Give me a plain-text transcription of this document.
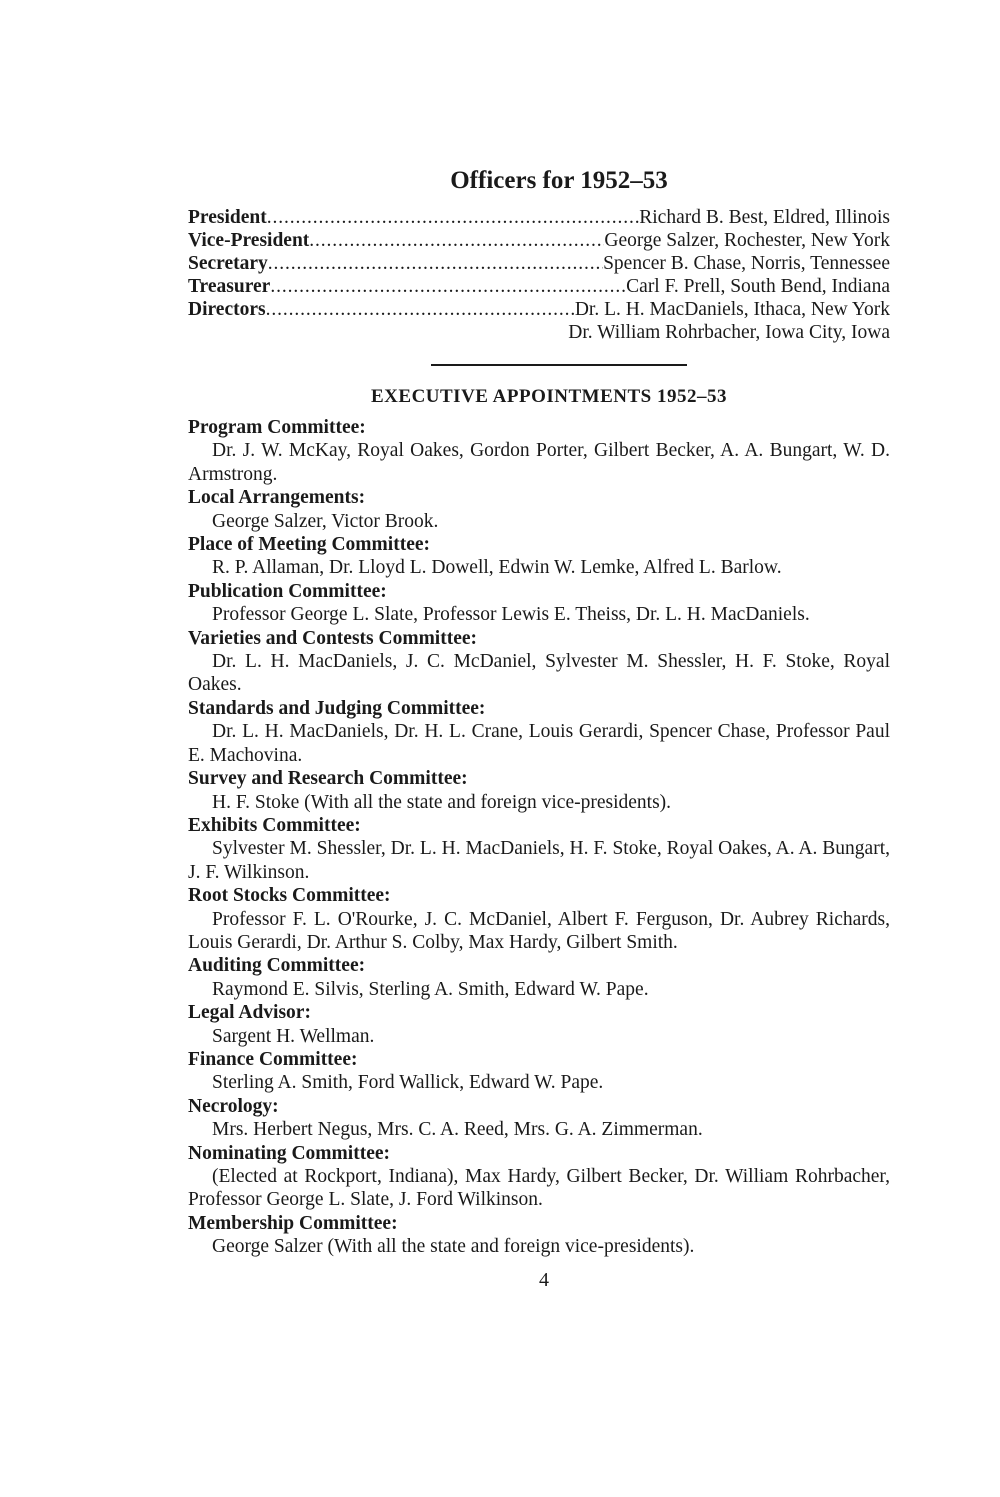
Officers for 1952–53
President . . .	Richard B. Best, Eldred, Illinois
Vice-President . . .	George Salzer, Rochester, New York
Secretary . . .	Spencer B. Chase, Norris, Tennessee
Treasurer . . .	Carl F. Prell, South Bend, Indiana
Directors . . .	Dr. L. H. MacDaniels, Ithaca, New York
Dr. William Rohrbacher, Iowa City, Iowa
EXECUTIVE APPOINTMENTS 1952–53

Program Committee:

Dr. J. W. McKay, Royal Oakes, Gordon Porter, Gilbert Becker, A. A. Bungart, W. D. Armstrong.

Local Arrangements:

George Salzer, Victor Brook.

Place of Meeting Committee:

R. P. Allaman, Dr. Lloyd L. Dowell, Edwin W. Lemke, Alfred L. Barlow.

Publication Committee:

Professor George L. Slate, Professor Lewis E. Theiss, Dr. L. H. MacDaniels.

Varieties and Contests Committee:

Dr. L. H. MacDaniels, J. C. McDaniel, Sylvester M. Shessler, H. F. Stoke, Royal Oakes.

Standards and Judging Committee:

Dr. L. H. MacDaniels, Dr. H. L. Crane, Louis Gerardi, Spencer Chase, Professor Paul E. Machovina.

Survey and Research Committee:

H. F. Stoke (With all the state and foreign vice-presidents).

Exhibits Committee:

Sylvester M. Shessler, Dr. L. H. MacDaniels, H. F. Stoke, Royal Oakes, A. A. Bungart, J. F. Wilkinson.

Root Stocks Committee:

Professor F. L. O'Rourke, J. C. McDaniel, Albert F. Ferguson, Dr. Aubrey Richards, Louis Gerardi, Dr. Arthur S. Colby, Max Hardy, Gilbert Smith.

Auditing Committee:

Raymond E. Silvis, Sterling A. Smith, Edward W. Pape.

Legal Advisor:

Sargent H. Wellman.

Finance Committee:

Sterling A. Smith, Ford Wallick, Edward W. Pape.

Necrology:

Mrs. Herbert Negus, Mrs. C. A. Reed, Mrs. G. A. Zimmerman.

Nominating Committee:

(Elected at Rockport, Indiana), Max Hardy, Gilbert Becker, Dr. William Rohrbacher, Professor George L. Slate, J. Ford Wilkinson.

Membership Committee:

George Salzer (With all the state and foreign vice-presidents).

4
